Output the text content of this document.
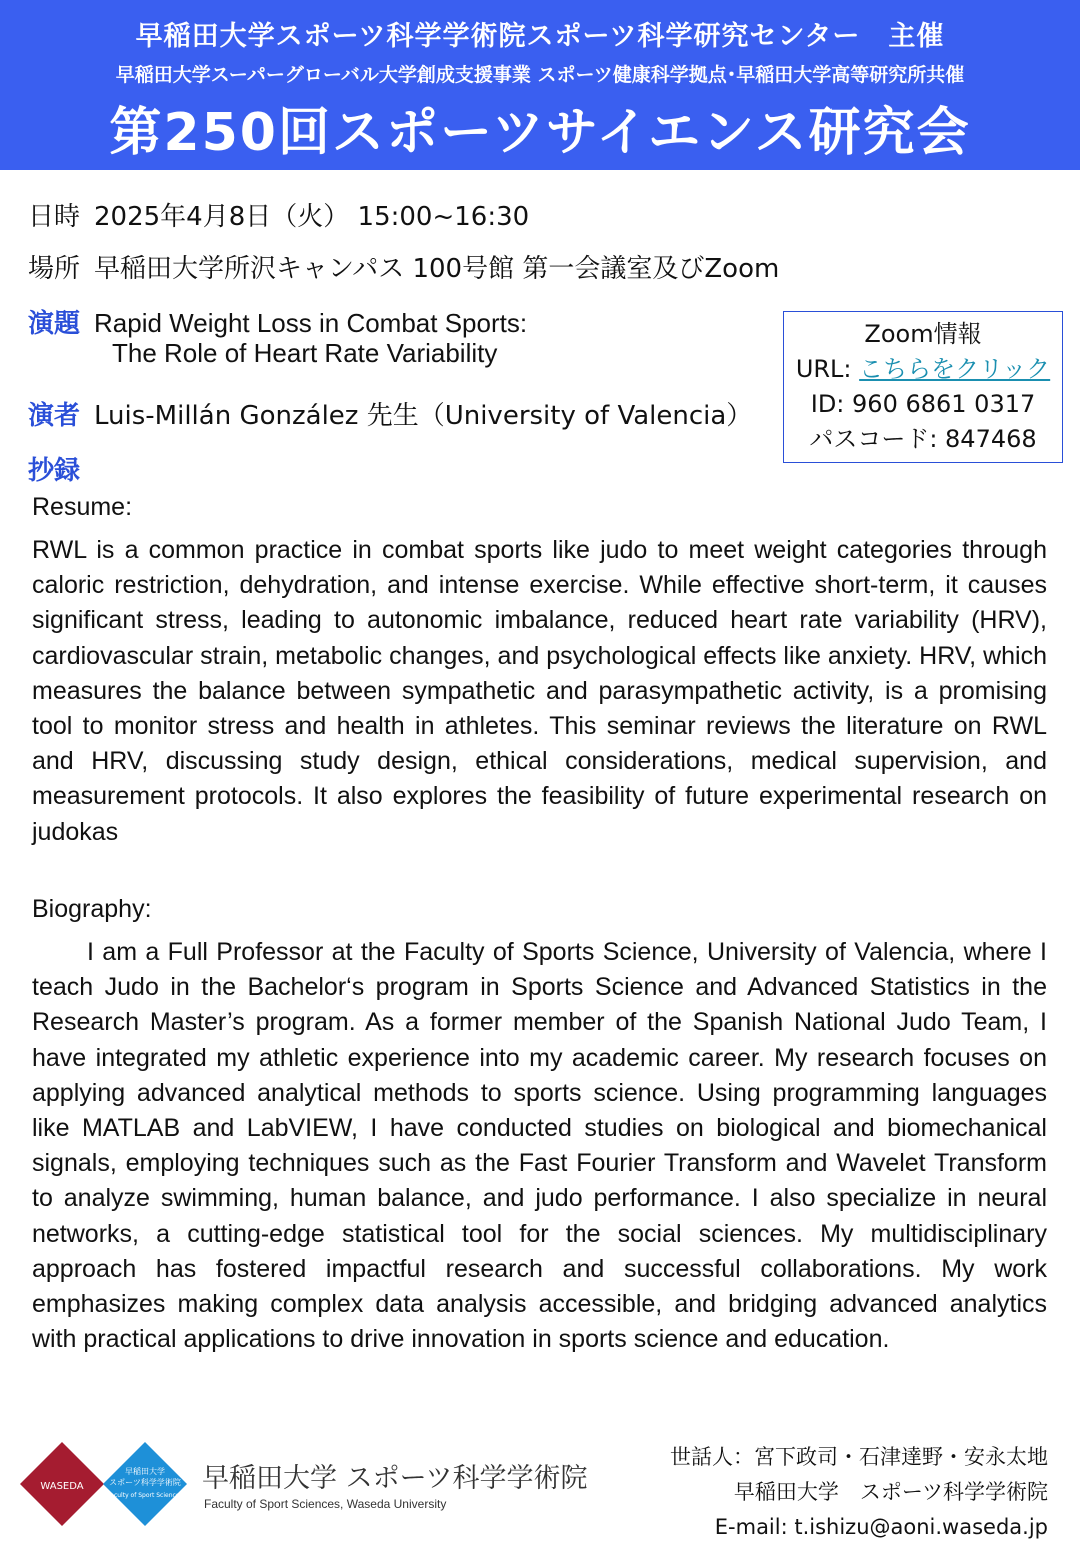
早稲田大学スポーツ科学学術院スポーツ科学研究センター　主催
早稲田大学スーパーグローバル大学創成支援事業 スポーツ健康科学拠点･早稲田大学高等研究所共催
第250回スポーツサイエンス研究会
日時 2025年4月8日（火） 15:00~16:30
場所 早稲田大学所沢キャンパス 100号館 第一会議室及びZoom
演題 Rapid Weight Loss in Combat Sports:
The Role of Heart Rate Variability
演者 Luis-Millán González 先生（University of Valencia）
抄録
Zoom情報
URL: こちらをクリック
ID: 960 6861 0317
パスコード: 847468
Resume:
RWL is a common practice in combat sports like judo to meet weight categories through caloric restriction, dehydration, and intense exercise. While effective short-term, it causes significant stress, leading to autonomic imbalance, reduced heart rate variability (HRV), cardiovascular strain, metabolic changes, and psychological effects like anxiety. HRV, which measures the balance between sympathetic and parasympathetic activity, is a promising tool to monitor stress and health in athletes. This seminar reviews the literature on RWL and HRV, discussing study design, ethical considerations, medical supervision, and measurement protocols. It also explores the feasibility of future experimental research on judokas
Biography:
I am a Full Professor at the Faculty of Sports Science, University of Valencia, where I teach Judo in the Bachelor‘s program in Sports Science and Advanced Statistics in the Research Master’s program. As a former member of the Spanish National Judo Team, I have integrated my athletic experience into my academic career. My research focuses on applying advanced analytical methods to sports science. Using programming languages like MATLAB and LabVIEW, I have conducted studies on biological and biomechanical signals, employing techniques such as the Fast Fourier Transform and Wavelet Transform to analyze swimming, human balance, and judo performance. I also specialize in neural networks, a cutting-edge statistical tool for the social sciences. My multidisciplinary approach has fostered impactful research and successful collaborations. My work emphasizes making complex data analysis accessible, and bridging advanced analytics with practical applications to drive innovation in sports science and education.
WASEDA
早稲田大学
スポーツ科学学術院
Faculty of Sport Sciences
早稲田大学 スポーツ科学学術院
Faculty of Sport Sciences, Waseda University
世話人：宮下政司・石津達野・安永太地
早稲田大学　スポーツ科学学術院
E-mail: t.ishizu@aoni.waseda.jp
